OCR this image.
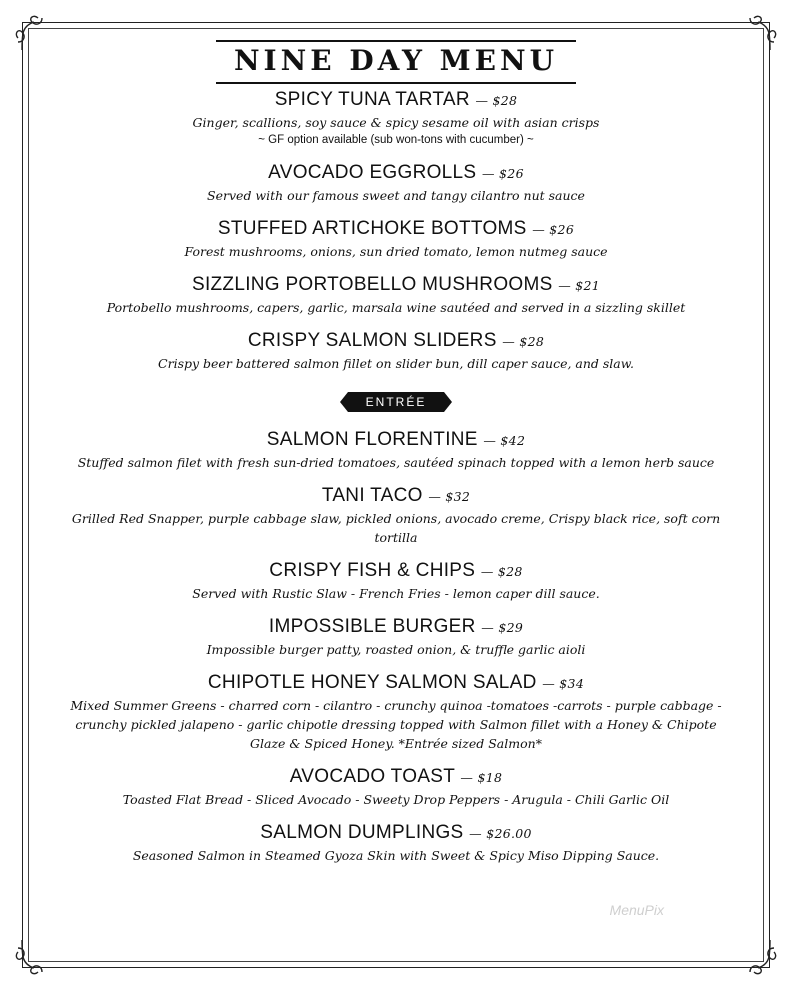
NINE DAY MENU
SPICY TUNA TARTAR — $28
Ginger, scallions, soy sauce & spicy sesame oil with asian crisps
~ GF option available (sub won-tons with cucumber) ~
AVOCADO EGGROLLS — $26
Served with our famous sweet and tangy cilantro nut sauce
STUFFED ARTICHOKE BOTTOMS — $26
Forest mushrooms, onions, sun dried tomato, lemon nutmeg sauce
SIZZLING PORTOBELLO MUSHROOMS — $21
Portobello mushrooms, capers, garlic, marsala wine sautéed and served in a sizzling skillet
CRISPY SALMON SLIDERS — $28
Crispy beer battered salmon fillet on slider bun, dill caper sauce, and slaw.
ENTRÉE
SALMON FLORENTINE — $42
Stuffed salmon filet with fresh sun-dried tomatoes, sautéed spinach topped with a lemon herb sauce
TANI TACO — $32
Grilled Red Snapper, purple cabbage slaw, pickled onions, avocado creme, Crispy black rice, soft corn tortilla
CRISPY FISH & CHIPS — $28
Served with Rustic Slaw - French Fries - lemon caper dill sauce.
IMPOSSIBLE BURGER — $29
Impossible burger patty, roasted onion, & truffle garlic aioli
CHIPOTLE HONEY SALMON SALAD — $34
Mixed Summer Greens - charred corn - cilantro - crunchy quinoa -tomatoes -carrots - purple cabbage - crunchy pickled jalapeno - garlic chipotle dressing topped with Salmon fillet with a Honey & Chipote Glaze & Spiced Honey. *Entrée sized Salmon*
AVOCADO TOAST — $18
Toasted Flat Bread - Sliced Avocado - Sweety Drop Peppers - Arugula - Chili Garlic Oil
SALMON DUMPLINGS — $26.00
Seasoned Salmon in Steamed Gyoza Skin with Sweet & Spicy Miso Dipping Sauce.
MenuPix
